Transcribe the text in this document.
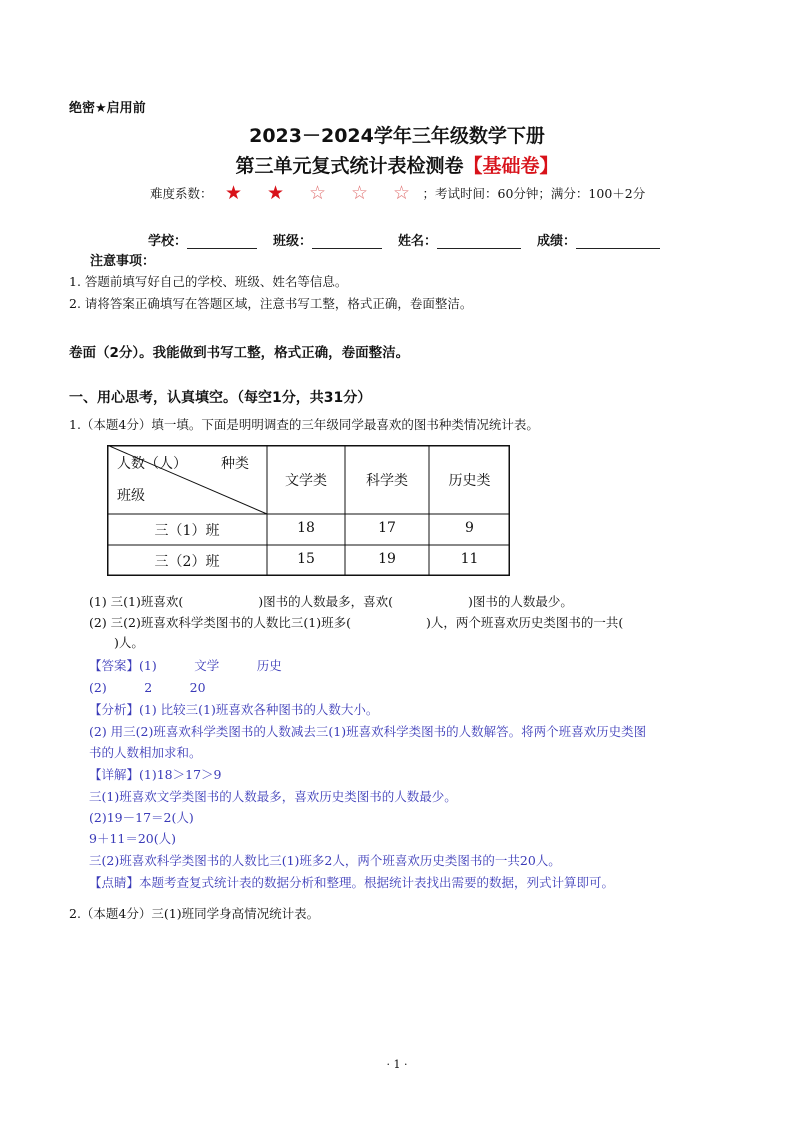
绝密★启用前
2023－2024学年三年级数学下册
第三单元复式统计表检测卷【基础卷】
难度系数： ★ ★ ☆ ☆ ☆ ；考试时间：60分钟；满分：100＋2分
学校：	班级：	姓名：	成绩：
注意事项：
1. 答题前填写好自己的学校、班级、姓名等信息。
2. 请将答案正确填写在答题区域，注意书写工整，格式正确，卷面整洁。
卷面（2分）。我能做到书写工整，格式正确，卷面整洁。
一、用心思考，认真填空。（每空1分，共31分）
1.（本题4分）填一填。下面是明明调查的三年级同学最喜欢的图书种类情况统计表。
人数（人） 种类
班级
文学类	科学类	历史类
三（1）班	18	17	9
三（2）班	15	19	11
(1) 三(1)班喜欢(　　　　　　)图书的人数最多，喜欢(　　　　　　)图书的人数最少。
(2) 三(2)班喜欢科学类图书的人数比三(1)班多(　　　　　　)人，两个班喜欢历史类图书的一共(
　　)人。
【答案】(1)　　　文学　　　历史
(2)　　　2　　　20
【分析】(1) 比较三(1)班喜欢各种图书的人数大小。
(2) 用三(2)班喜欢科学类图书的人数减去三(1)班喜欢科学类图书的人数解答。将两个班喜欢历史类图
书的人数相加求和。
【详解】(1)18＞17＞9
三(1)班喜欢文学类图书的人数最多，喜欢历史类图书的人数最少。
(2)19－17＝2(人)
9＋11＝20(人)
三(2)班喜欢科学类图书的人数比三(1)班多2人，两个班喜欢历史类图书的一共20人。
【点睛】本题考查复式统计表的数据分析和整理。根据统计表找出需要的数据，列式计算即可。
2.（本题4分）三(1)班同学身高情况统计表。
· 1 ·
